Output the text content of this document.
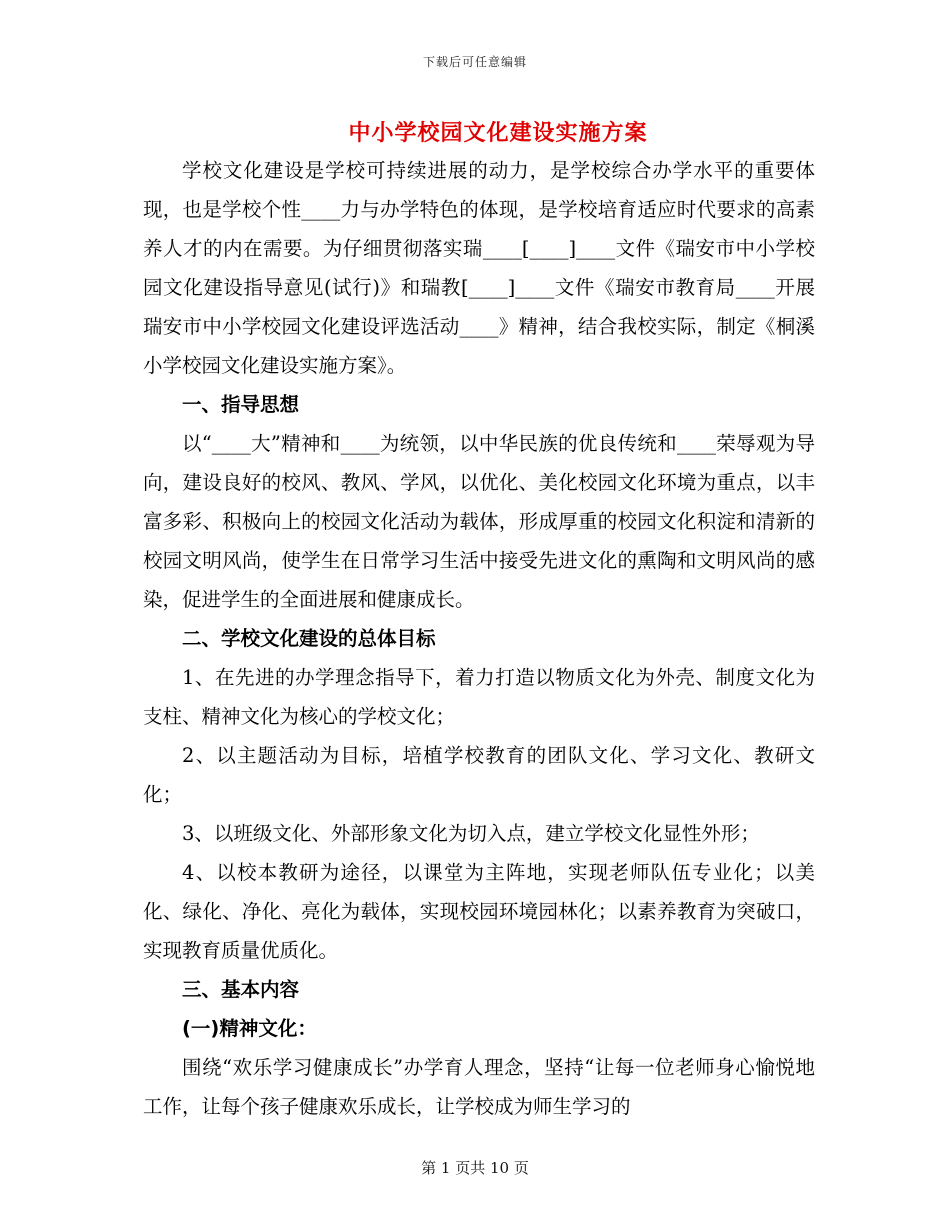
下载后可任意编辑
中小学校园文化建设实施方案

学校文化建设是学校可持续进展的动力，是学校综合办学水平的重要体现，也是学校个性____力与办学特色的体现，是学校培育适应时代要求的高素养人才的内在需要。为仔细贯彻落实瑞____[____]____文件《瑞安市中小学校园文化建设指导意见(试行)》和瑞教[____]____文件《瑞安市教育局____开展瑞安市中小学校园文化建设评选活动____》精神，结合我校实际，制定《桐溪小学校园文化建设实施方案》。

一、指导思想

以“____大”精神和____为统领，以中华民族的优良传统和____荣辱观为导向，建设良好的校风、教风、学风，以优化、美化校园文化环境为重点，以丰富多彩、积极向上的校园文化活动为载体，形成厚重的校园文化积淀和清新的校园文明风尚，使学生在日常学习生活中接受先进文化的熏陶和文明风尚的感染，促进学生的全面进展和健康成长。

二、学校文化建设的总体目标

1、在先进的办学理念指导下，着力打造以物质文化为外壳、制度文化为支柱、精神文化为核心的学校文化；

2、以主题活动为目标，培植学校教育的团队文化、学习文化、教研文化；

3、以班级文化、外部形象文化为切入点，建立学校文化显性外形；

4、以校本教研为途径，以课堂为主阵地，实现老师队伍专业化；以美化、绿化、净化、亮化为载体，实现校园环境园林化；以素养教育为突破口，实现教育质量优质化。

三、基本内容

(一)精神文化：

围绕“欢乐学习健康成长”办学育人理念，坚持“让每一位老师身心愉悦地工作，让每个孩子健康欢乐成长，让学校成为师生学习的

第 1 页共 10 页
